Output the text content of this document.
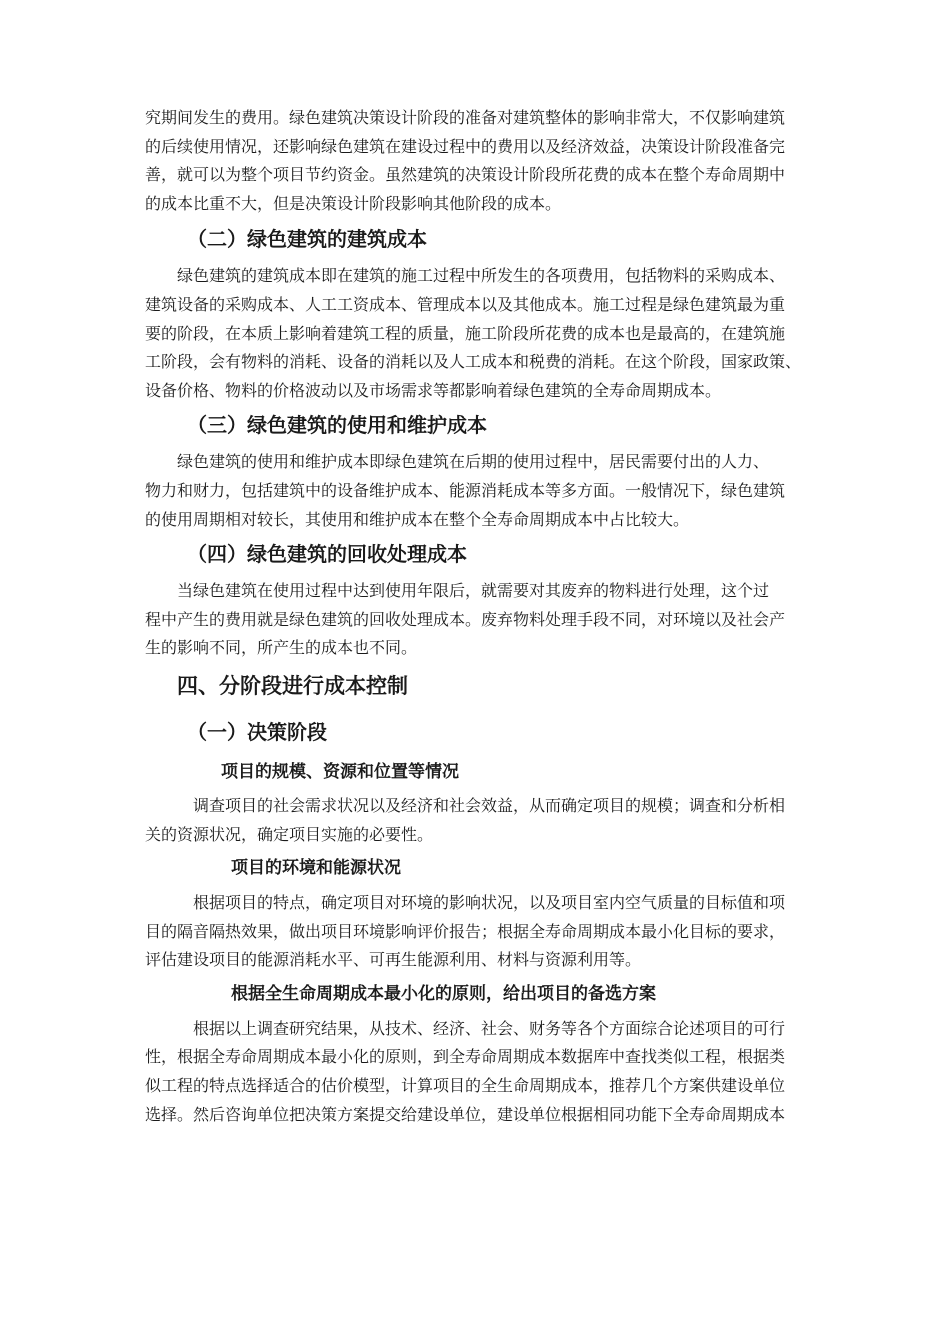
究期间发生的费用。绿色建筑决策设计阶段的准备对建筑整体的影响非常大，不仅影响建筑
的后续使用情况，还影响绿色建筑在建设过程中的费用以及经济效益，决策设计阶段准备完
善，就可以为整个项目节约资金。虽然建筑的决策设计阶段所花费的成本在整个寿命周期中
的成本比重不大，但是决策设计阶段影响其他阶段的成本。

（二）绿色建筑的建筑成本

绿色建筑的建筑成本即在建筑的施工过程中所发生的各项费用，包括物料的采购成本、
建筑设备的采购成本、人工工资成本、管理成本以及其他成本。施工过程是绿色建筑最为重
要的阶段，在本质上影响着建筑工程的质量，施工阶段所花费的成本也是最高的，在建筑施
工阶段，会有物料的消耗、设备的消耗以及人工成本和税费的消耗。在这个阶段，国家政策、
设备价格、物料的价格波动以及市场需求等都影响着绿色建筑的全寿命周期成本。

（三）绿色建筑的使用和维护成本

绿色建筑的使用和维护成本即绿色建筑在后期的使用过程中，居民需要付出的人力、
物力和财力，包括建筑中的设备维护成本、能源消耗成本等多方面。一般情况下，绿色建筑
的使用周期相对较长，其使用和维护成本在整个全寿命周期成本中占比较大。

（四）绿色建筑的回收处理成本

当绿色建筑在使用过程中达到使用年限后，就需要对其废弃的物料进行处理，这个过
程中产生的费用就是绿色建筑的回收处理成本。废弃物料处理手段不同，对环境以及社会产
生的影响不同，所产生的成本也不同。

四、分阶段进行成本控制
（一）决策阶段
项目的规模、资源和位置等情况

调查项目的社会需求状况以及经济和社会效益，从而确定项目的规模；调查和分析相
关的资源状况，确定项目实施的必要性。

项目的环境和能源状况

根据项目的特点，确定项目对环境的影响状况，以及项目室内空气质量的目标值和项
目的隔音隔热效果，做出项目环境影响评价报告；根据全寿命周期成本最小化目标的要求，
评估建设项目的能源消耗水平、可再生能源利用、材料与资源利用等。

根据全生命周期成本最小化的原则，给出项目的备选方案

根据以上调查研究结果，从技术、经济、社会、财务等各个方面综合论述项目的可行
性，根据全寿命周期成本最小化的原则，到全寿命周期成本数据库中查找类似工程，根据类
似工程的特点选择适合的估价模型，计算项目的全生命周期成本，推荐几个方案供建设单位
选择。然后咨询单位把决策方案提交给建设单位，建设单位根据相同功能下全寿命周期成本
